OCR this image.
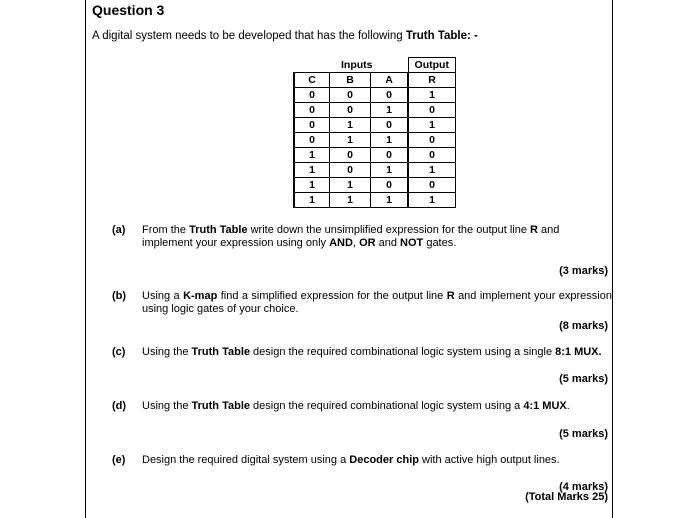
Question 3
A digital system needs to be developed that has the following Truth Table: -
Inputs			Output
C	B	A	R
0	0	0	1
0	0	1	0
0	1	0	1
0	1	1	0
1	0	0	0
1	0	1	1
1	1	0	0
1	1	1	1
(a) From the Truth Table write down the unsimplified expression for the output line R and implement your expression using only AND, OR and NOT gates.
(3 marks)
(b) Using a K-map find a simplified expression for the output line R and implement your expression using logic gates of your choice.
(8 marks)
(c) Using the Truth Table design the required combinational logic system using a single 8:1 MUX.
(5 marks)
(d) Using the Truth Table design the required combinational logic system using a 4:1 MUX.
(5 marks)
(e) Design the required digital system using a Decoder chip with active high output lines.
(4 marks)
(Total Marks 25)
